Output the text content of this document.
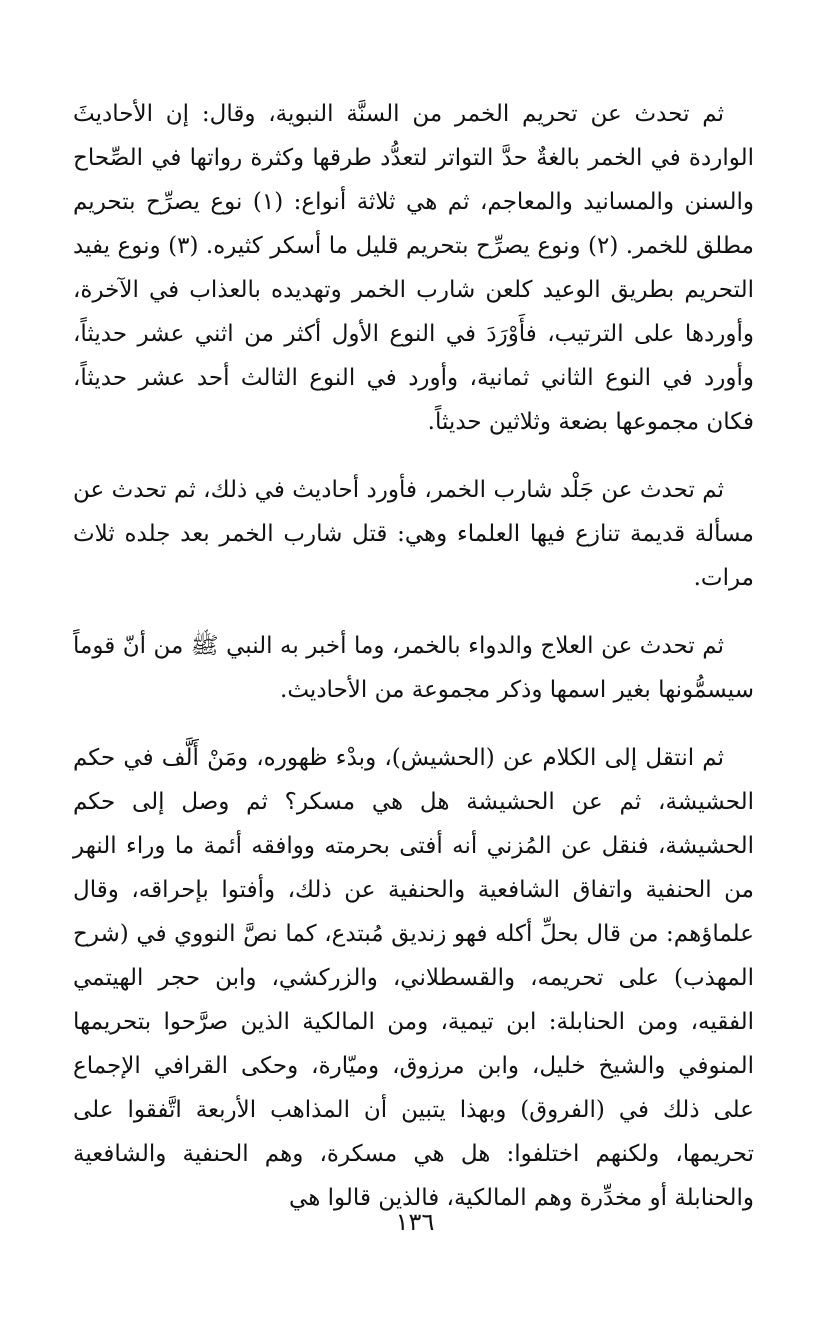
ثم تحدث عن تحريم الخمر من السنَّة النبوية، وقال: إن الأحاديثَ الواردة في الخمر بالغةٌ حدَّ التواتر لتعدُّد طرقها وكثرة رواتها في الصِّحاح والسنن والمسانيد والمعاجم، ثم هي ثلاثة أنواع: (١) نوع يصرِّح بتحريم مطلق للخمر. (٢) ونوع يصرِّح بتحريم قليل ما أسكر كثيره. (٣) ونوع يفيد التحريم بطريق الوعيد كلعن شارب الخمر وتهديده بالعذاب في الآخرة، وأوردها على الترتيب، فأَوْرَدَ في النوع الأول أكثر من اثني عشر حديثاً، وأورد في النوع الثاني ثمانية، وأورد في النوع الثالث أحد عشر حديثاً، فكان مجموعها بضعة وثلاثين حديثاً.

ثم تحدث عن جَلْد شارب الخمر، فأورد أحاديث في ذلك، ثم تحدث عن مسألة قديمة تنازع فيها العلماء وهي: قتل شارب الخمر بعد جلده ثلاث مرات.

ثم تحدث عن العلاج والدواء بالخمر، وما أخبر به النبي ﷺ من أنّ قوماً سيسمُّونها بغير اسمها وذكر مجموعة من الأحاديث.

ثم انتقل إلى الكلام عن (الحشيش)، وبدْء ظهوره، ومَنْ أَلَّف في حكم الحشيشة، ثم عن الحشيشة هل هي مسكر؟ ثم وصل إلى حكم الحشيشة، فنقل عن المُزني أنه أفتى بحرمته ووافقه أئمة ما وراء النهر من الحنفية واتفاق الشافعية والحنفية عن ذلك، وأفتوا بإحراقه، وقال علماؤهم: من قال بحلِّ أكله فهو زنديق مُبتدع، كما نصَّ النووي في (شرح المهذب) على تحريمه، والقسطلاني، والزركشي، وابن حجر الهيتمي الفقيه، ومن الحنابلة: ابن تيمية، ومن المالكية الذين صرَّحوا بتحريمها المنوفي والشيخ خليل، وابن مرزوق، وميّارة، وحكى القرافي الإجماع على ذلك في (الفروق) وبهذا يتبين أن المذاهب الأربعة اتَّفقوا على تحريمها، ولكنهم اختلفوا: هل هي مسكرة، وهم الحنفية والشافعية والحنابلة أو مخدِّرة وهم المالكية، فالذين قالوا هي

١٣٦
